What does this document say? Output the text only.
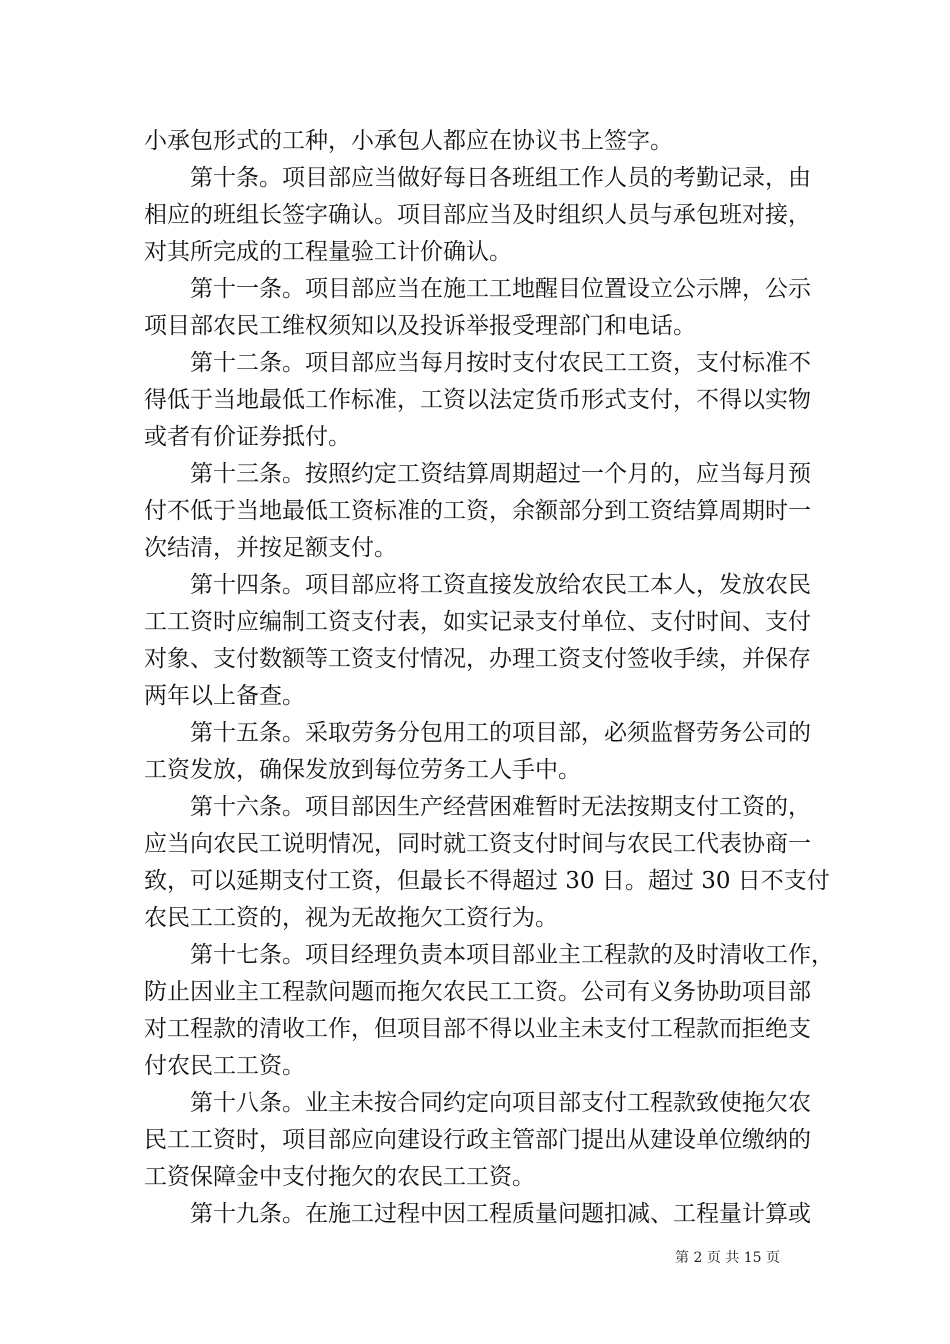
小承包形式的工种，小承包人都应在协议书上签字。
第十条。项目部应当做好每日各班组工作人员的考勤记录，由
相应的班组长签字确认。项目部应当及时组织人员与承包班对接，
对其所完成的工程量验工计价确认。
第十一条。项目部应当在施工工地醒目位置设立公示牌，公示
项目部农民工维权须知以及投诉举报受理部门和电话。
第十二条。项目部应当每月按时支付农民工工资，支付标准不
得低于当地最低工作标准，工资以法定货币形式支付，不得以实物
或者有价证券抵付。
第十三条。按照约定工资结算周期超过一个月的，应当每月预
付不低于当地最低工资标准的工资，余额部分到工资结算周期时一
次结清，并按足额支付。
第十四条。项目部应将工资直接发放给农民工本人，发放农民
工工资时应编制工资支付表，如实记录支付单位、支付时间、支付
对象、支付数额等工资支付情况，办理工资支付签收手续，并保存
两年以上备查。
第十五条。采取劳务分包用工的项目部，必须监督劳务公司的
工资发放，确保发放到每位劳务工人手中。
第十六条。项目部因生产经营困难暂时无法按期支付工资的，
应当向农民工说明情况，同时就工资支付时间与农民工代表协商一
致，可以延期支付工资，但最长不得超过 30 日。超过 30 日不支付
农民工工资的，视为无故拖欠工资行为。
第十七条。项目经理负责本项目部业主工程款的及时清收工作，
防止因业主工程款问题而拖欠农民工工资。公司有义务协助项目部
对工程款的清收工作，但项目部不得以业主未支付工程款而拒绝支
付农民工工资。
第十八条。业主未按合同约定向项目部支付工程款致使拖欠农
民工工资时，项目部应向建设行政主管部门提出从建设单位缴纳的
工资保障金中支付拖欠的农民工工资。
第十九条。在施工过程中因工程质量问题扣减、工程量计算或
第 2 页 共 15 页
